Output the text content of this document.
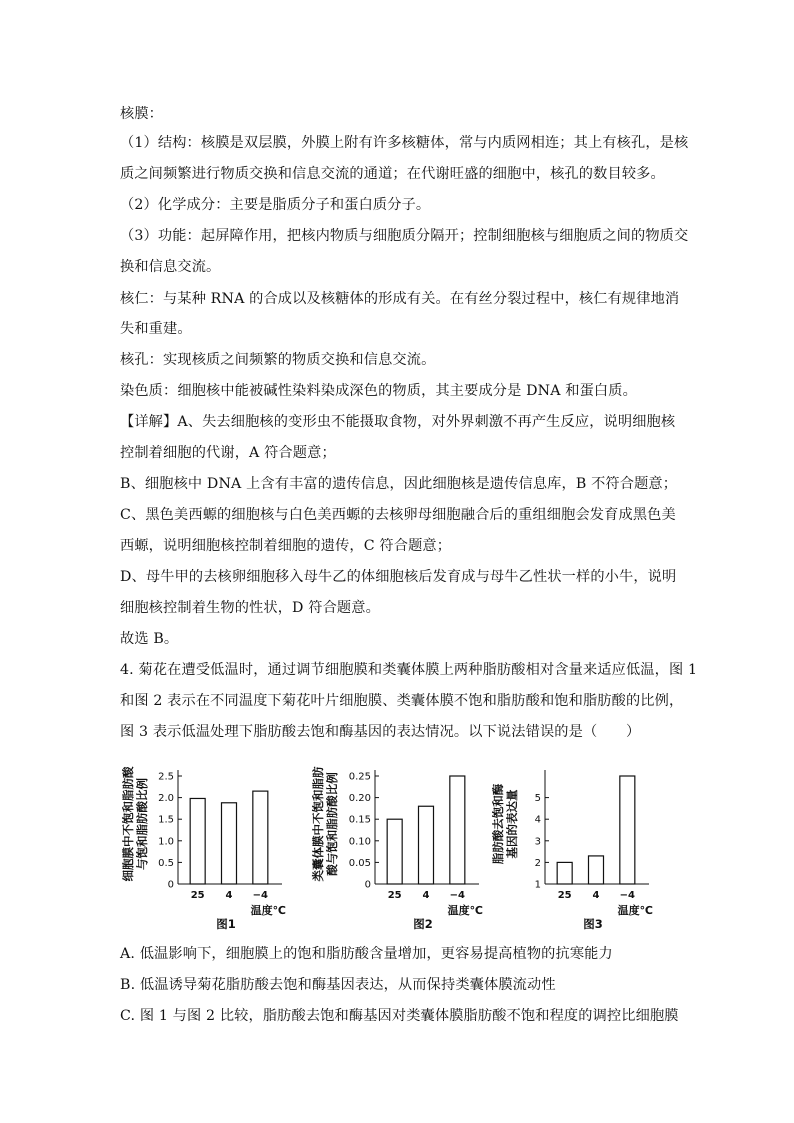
核膜：
（1）结构：核膜是双层膜，外膜上附有许多核糖体，常与内质网相连；其上有核孔，是核
质之间频繁进行物质交换和信息交流的通道；在代谢旺盛的细胞中，核孔的数目较多。
（2）化学成分：主要是脂质分子和蛋白质分子。
（3）功能：起屏障作用，把核内物质与细胞质分隔开；控制细胞核与细胞质之间的物质交
换和信息交流。
核仁：与某种 RNA 的合成以及核糖体的形成有关。在有丝分裂过程中，核仁有规律地消
失和重建。
核孔：实现核质之间频繁的物质交换和信息交流。
染色质：细胞核中能被碱性染料染成深色的物质，其主要成分是 DNA 和蛋白质。
【详解】A、失去细胞核的变形虫不能摄取食物，对外界刺激不再产生反应，说明细胞核
控制着细胞的代谢，A 符合题意；
B、细胞核中 DNA 上含有丰富的遗传信息，因此细胞核是遗传信息库，B 不符合题意；
C、黑色美西螈的细胞核与白色美西螈的去核卵母细胞融合后的重组细胞会发育成黑色美
西螈，说明细胞核控制着细胞的遗传，C 符合题意；
D、母牛甲的去核卵细胞移入母牛乙的体细胞核后发育成与母牛乙性状一样的小牛，说明
细胞核控制着生物的性状，D 符合题意。
故选 B。
4. 菊花在遭受低温时，通过调节细胞膜和类囊体膜上两种脂肪酸相对含量来适应低温，图 1
和图 2 表示在不同温度下菊花叶片细胞膜、类囊体膜不饱和脂肪酸和饱和脂肪酸的比例，
图 3 表示低温处理下脂肪酸去饱和酶基因的表达情况。以下说法错误的是（　　）
细胞膜中不饱和脂肪酸 与饱和脂肪酸比例
0
0.5
1.0
1.5
2.0
2.5
25 4 −4
温度℃
图1
类囊体膜中不饱和脂肪 酸与饱和脂肪酸比例
0
0.05
0.10
0.15
0.20
0.25
25 4 −4
温度℃
图2
脂肪酸去饱和酶 基因的表达量
1
2
3
4
5
25 4 −4
温度℃
图3
A. 低温影响下，细胞膜上的饱和脂肪酸含量增加，更容易提高植物的抗寒能力
B. 低温诱导菊花脂肪酸去饱和酶基因表达，从而保持类囊体膜流动性
C. 图 1 与图 2 比较，脂肪酸去饱和酶基因对类囊体膜脂肪酸不饱和程度的调控比细胞膜
